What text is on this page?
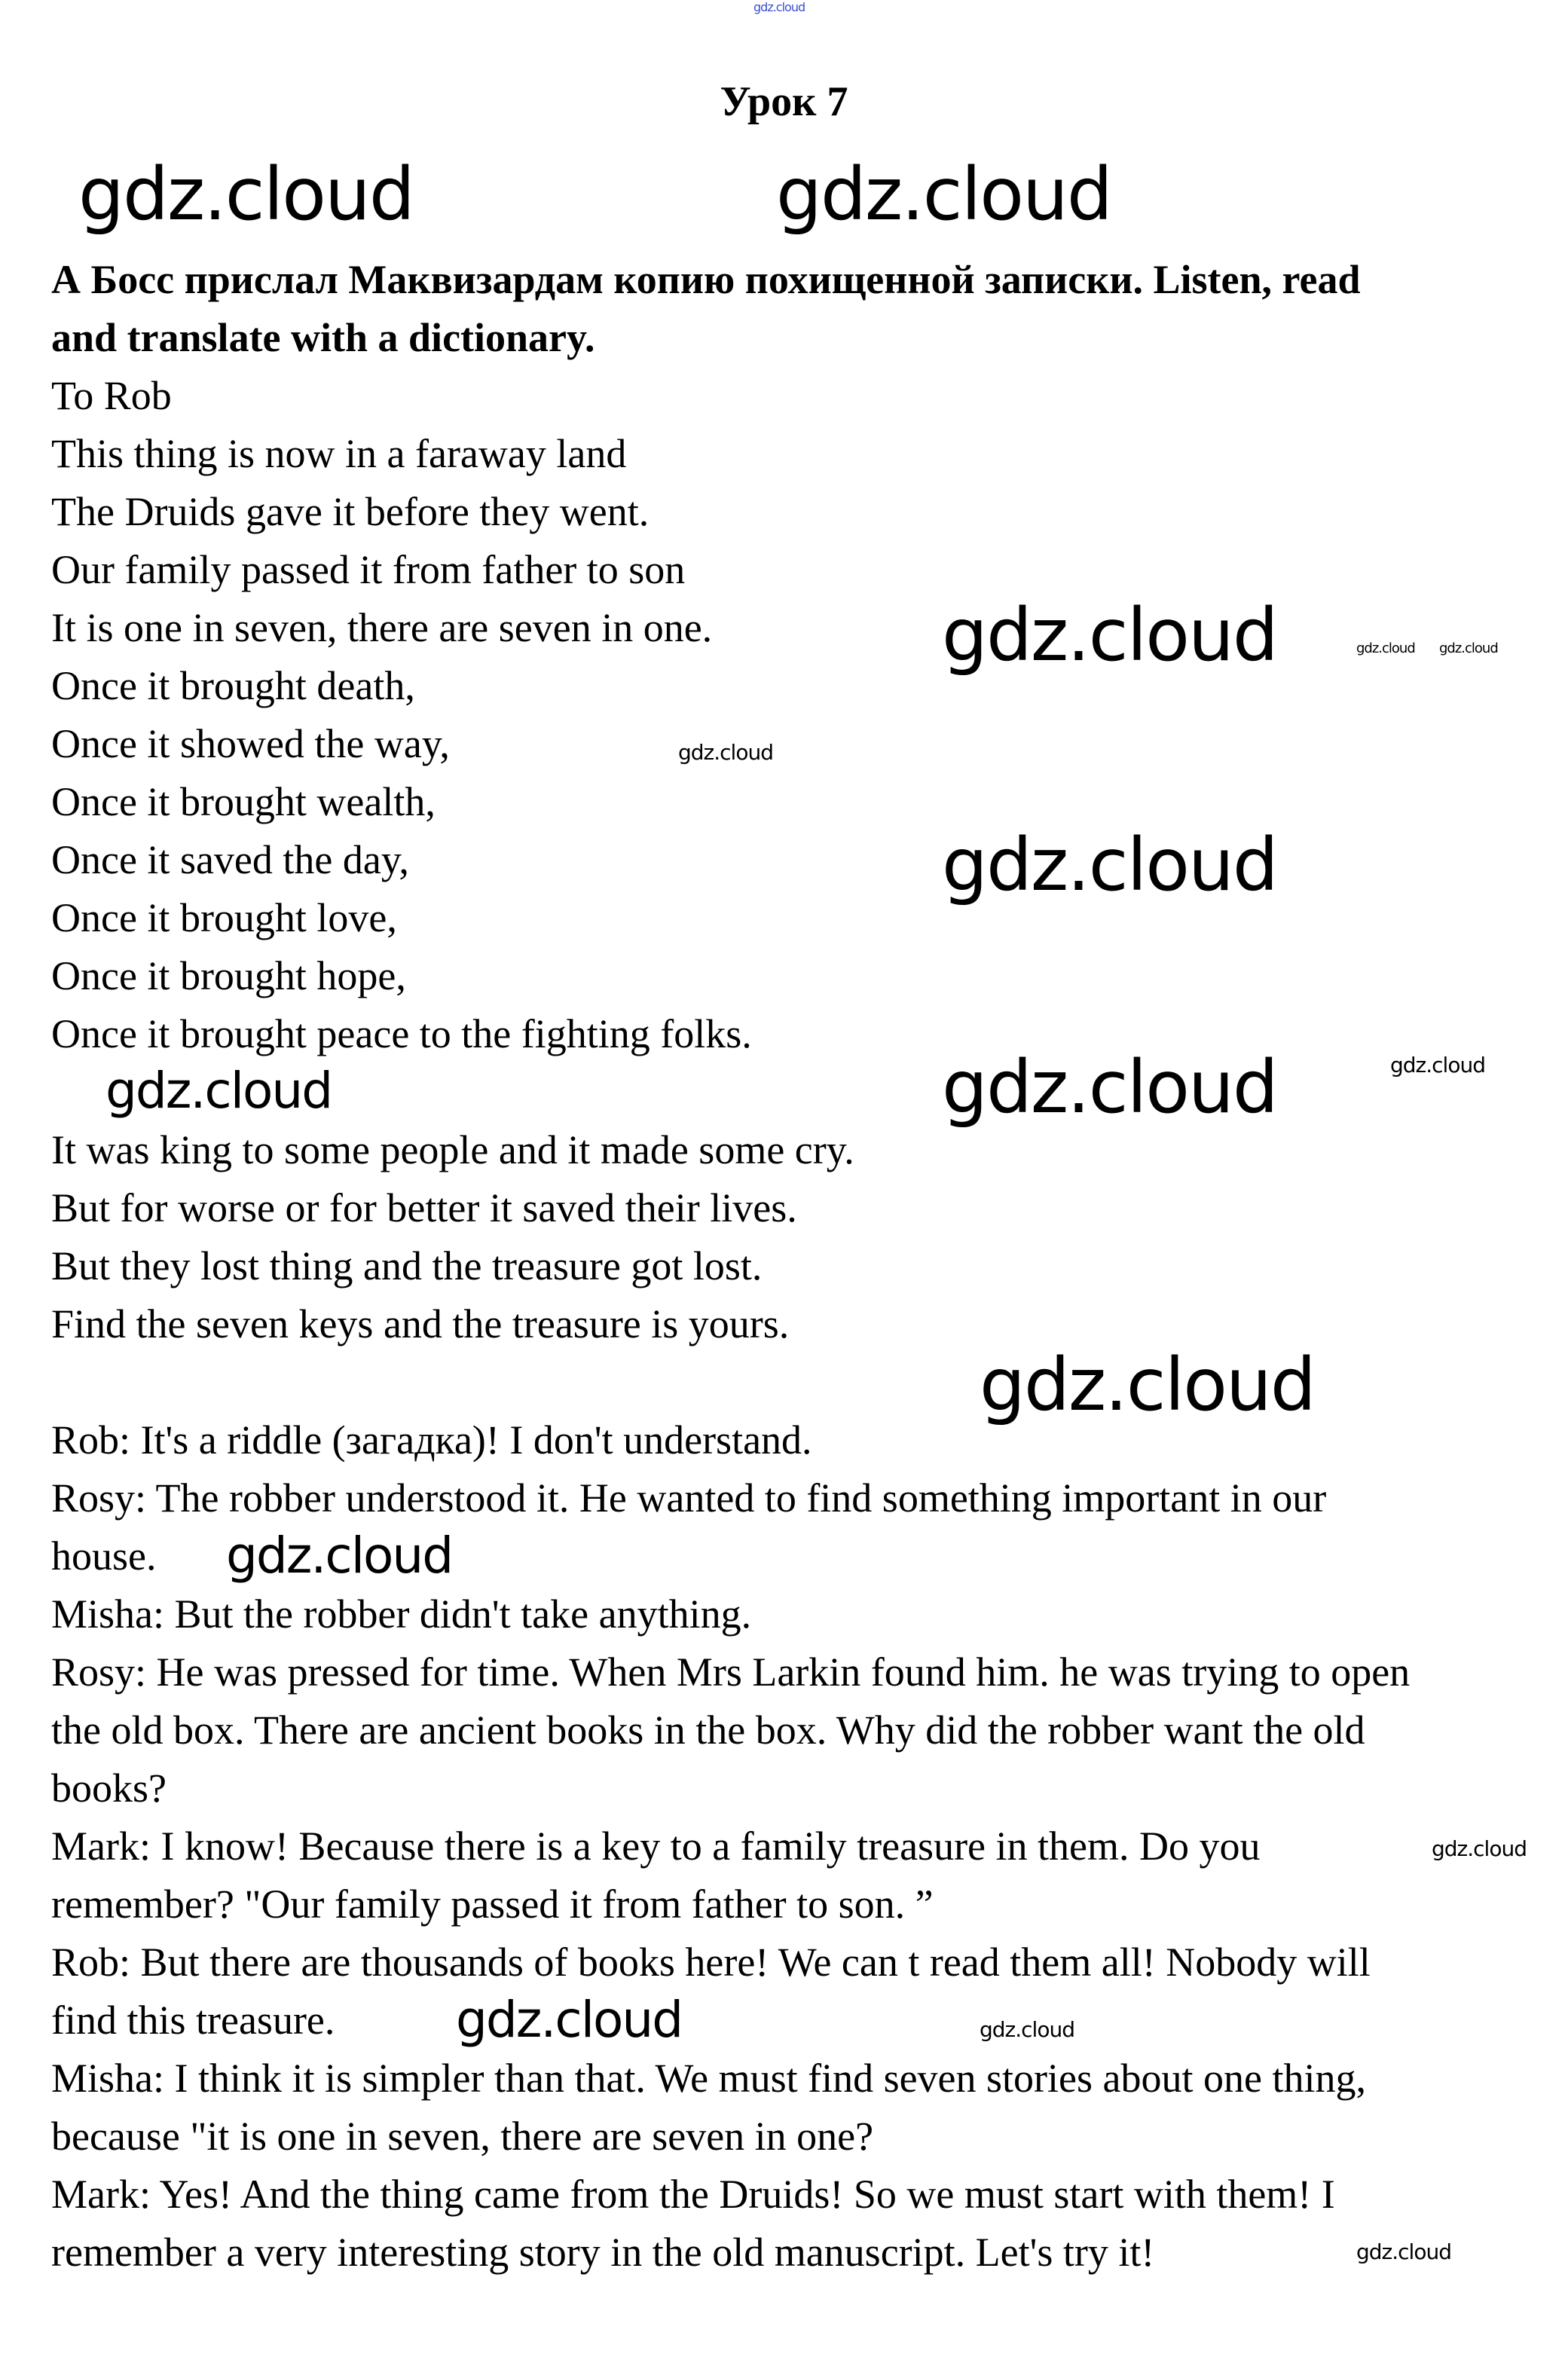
gdz.cloud
Урок 7
А Босс прислал Маквизардам копию похищенной записки. Listen, read
and translate with a dictionary.
To Rob
This thing is now in a faraway land
The Druids gave it before they went.
Our family passed it from father to son
It is one in seven, there are seven in one.
Once it brought death,
Once it showed the way,
Once it brought wealth,
Once it saved the day,
Once it brought love,
Once it brought hope,
Once it brought peace to the fighting folks.
It was king to some people and it made some cry.
But for worse or for better it saved their lives.
But they lost thing and the treasure got lost.
Find the seven keys and the treasure is yours.
Rob: It's a riddle (загадка)! I don't understand.
Rosy: The robber understood it. He wanted to find something important in our
house.
Misha: But the robber didn't take anything.
Rosy: He was pressed for time. When Mrs Larkin found him. he was trying to open
the old box. There are ancient books in the box. Why did the robber want the old
books?
Mark: I know! Because there is a key to a family treasure in them. Do you
remember? "Our family passed it from father to son. ”
Rob: But there are thousands of books here! We can t read them all! Nobody will
find this treasure.
Misha: I think it is simpler than that. We must find seven stories about one thing,
because "it is one in seven, there are seven in one?
Mark: Yes! And the thing came from the Druids! So we must start with them! I
remember a very interesting story in the old manuscript. Let's try it!
gdz.cloud	gdz.cloud
gdz.cloud	gdz.cloud gdz.cloud
gdz.cloud
gdz.cloud
gdz.cloud
gdz.cloud	gdz.cloud
gdz.cloud
gdz.cloud
gdz.cloud
gdz.cloud	gdz.cloud
gdz.cloud
